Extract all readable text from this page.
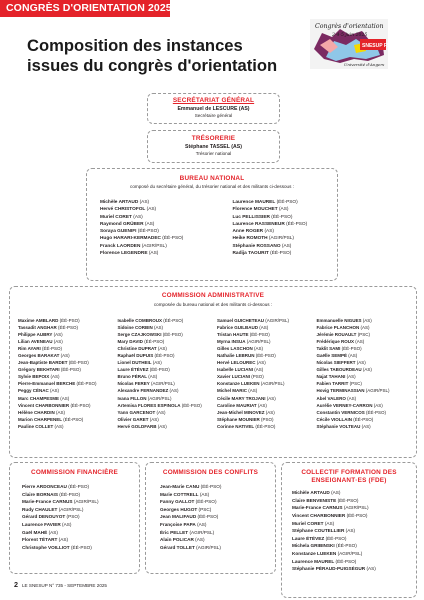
CONGRÈS D'ORIENTATION 2025
Composition des instances issues du congrès d'orientation
Congrès d'orientation
2-4-5 juin 2025
SNESUP FSU
Université d'Angers
SECRÉTARIAT GÉNÉRAL
Emmanuel de LESCURE (AS)
Secrétaire général
TRÉSORERIE
Stéphane TASSEL (AS)
Trésorier national
BUREAU NATIONAL
composé du secrétaire général, du trésorier national et des militants ci-dessous :
Michèle ARTAUD (AS)
Hervé CHRISTOFOL (AS)
Muriel CORET (AS)
Raymond GRÜBER (AS)
Soraya GUENIFI (ÉÉ-PSO)
Hugo HARARI-KERMADEC (ÉÉ-PSO)
Franck LAORDEN (AGIR/PSL)
Florence LEGENDRE (AS)
Laurence MAUREL (ÉÉ-PSO)
Florence MOUCHET (AS)
Luc PELLISSIER (ÉÉ-PSO)
Laurence RASSENEUR (ÉÉ-PSO)
Anne ROGER (AS)
Heike ROMOTH (AGIR/PSL)
Stéphanie ROSSANO (AS)
Radija TAOURIT (ÉÉ-PSO)
COMMISSION ADMINISTRATIVE
composée du bureau national et des militants ci-dessous :
Maxime AMBLARD (ÉÉ-PSO)
Tassadit ANGHAR (ÉÉ-PSO)
Philippe AUBRY (AS)
Lilian AVENEAU (AS)
Rim AYARI (ÉÉ-PSO)
Georges BARAKAT (AS)
Jean-Baptiste BARDET (ÉÉ-PSO)
Grégory BEKHTARI (ÉÉ-PSO)
Sylvie BEPOIX (AS)
Pierre-Emmanuel BERCHE (ÉÉ-PSO)
Peggy CÉNAC (AS)
Marc CHAMPESME (AS)
Vincent CHARBONNIER (ÉÉ-PSO)
Hélène CHARDIN (AS)
Marion CHARPENEL (ÉÉ-PSO)
Pauline COLLET (AS)
Isabelle COMBROUX (ÉÉ-PSO)
Sidoine CORBIN (AS)
Serge CZAJKOWSKI (ÉÉ-PSO)
Mary DAVID (ÉÉ-PSO)
Christine DUPRAT (AS)
Raphaël DUPUIS (ÉÉ-PSO)
Lionel DUTHEIL (AS)
Laure ÉTÉVEZ (ÉÉ-PSO)
Bruno FÉRAL (AS)
Nicolas FEREY (AGIR/PSL)
Alexandre FERNANDEZ (AS)
Ivana FILLON (AGIR/PSL)
Artemisa FLORES ESPINOLA (ÉÉ-PSO)
Yann GARCENOT (AS)
Olivier GARET (AS)
Hervé GOLDFARB (AS)
Samuel GUICHETEAU (AGIR/PSL)
Fabrice GUILBAUD (AS)
Tristan HAUTE (ÉÉ-PSO)
Myrna INSUA (AGIR/PSL)
Gilles LASCHON (AS)
Nathalie LEBRUN (ÉÉ-PSO)
Hervé LELOUREC (AS)
Isabelle LUCIANI (AS)
Xavier LUCIANI (PSO)
Konstanze LUEKEN (AGIR/PSL)
Michel MARIC (AS)
Cécile MARY TROJANI (AS)
Caroline MAURIAT (AS)
Jean-Michel MINOVEZ (AS)
Stéphane MOUNIER (PSO)
Corinne NATIVEL (ÉÉ-PSO)
Emmanuelle NIGUES (AS)
Fabrice PLANCHON (AS)
Jérémie ROUAULT (PSC)
Frédérique ROUX (AS)
Taklit SAMI (ÉÉ-PSO)
Gaëlle SEMPÉ (AS)
Nicolas SIEFFERT (AS)
Gilles TABOURDEAU (AS)
Najat TAHANI (AS)
Fabien TARRIT (PSC)
Hovig TERMINASSIAN (AGIR/PSL)
Abel VALERO (AS)
Aurélie VERNEY-CARRON (AS)
Constantin VERNICOS (ÉÉ-PSO)
Cécile VIOLLAIN (ÉÉ-PSO)
Stéphanie VOLTEAU (AS)
COMMISSION FINANCIÈRE
Pierre ARDONCEAU (ÉÉ-PSO)
Claire BORNAIS (ÉÉ-PSO)
Marie-France CARNUS (AGIR/PSL)
Rudy CHAULET (AGIR/PSL)
Gérard DENOUYOT (PSO)
Laurence FAVIER (AS)
Gaël MAHÉ (AS)
Florent TÉTART (AS)
Christophe VOILLIOT (ÉÉ-PSO)
COMMISSION DES CONFLITS
Jean-Marie CANU (ÉÉ-PSO)
Marie COTTRELL (AS)
Fanny GALLOT (ÉÉ-PSO)
Georges HUGOT (PSC)
Jean MALIFAUD (ÉÉ-PSO)
Françoise PAPA (AS)
Éric PELLET (AGIR/PSL)
Alain POLICAR (AS)
Gérard TOLLET (AGIR/PSL)
COLLECTIF FORMATION DES ENSEIGNANT·ES (FDE)
Michèle ARTAUD (AS)
Claire BENVENISTE (ÉÉ-PSO)
Marie-France CARNUS (AGIR/PSL)
Vincent CHARBONNIER (ÉÉ-PSO)
Muriel CORET (AS)
Stéphane COUTELLIER (AS)
Laure ÉTÉVEZ (ÉÉ-PSO)
Michela GRIBINSKI (ÉÉ-PSO)
Konstanze LUEKEN (AGIR/PSL)
Laurence MAUREL (ÉÉ-PSO)
Stéphanie PÉRAUD-PUIGSÉGUR (AS)
2 LE SNESUP N° 735 - SEPTEMBRE 2025
